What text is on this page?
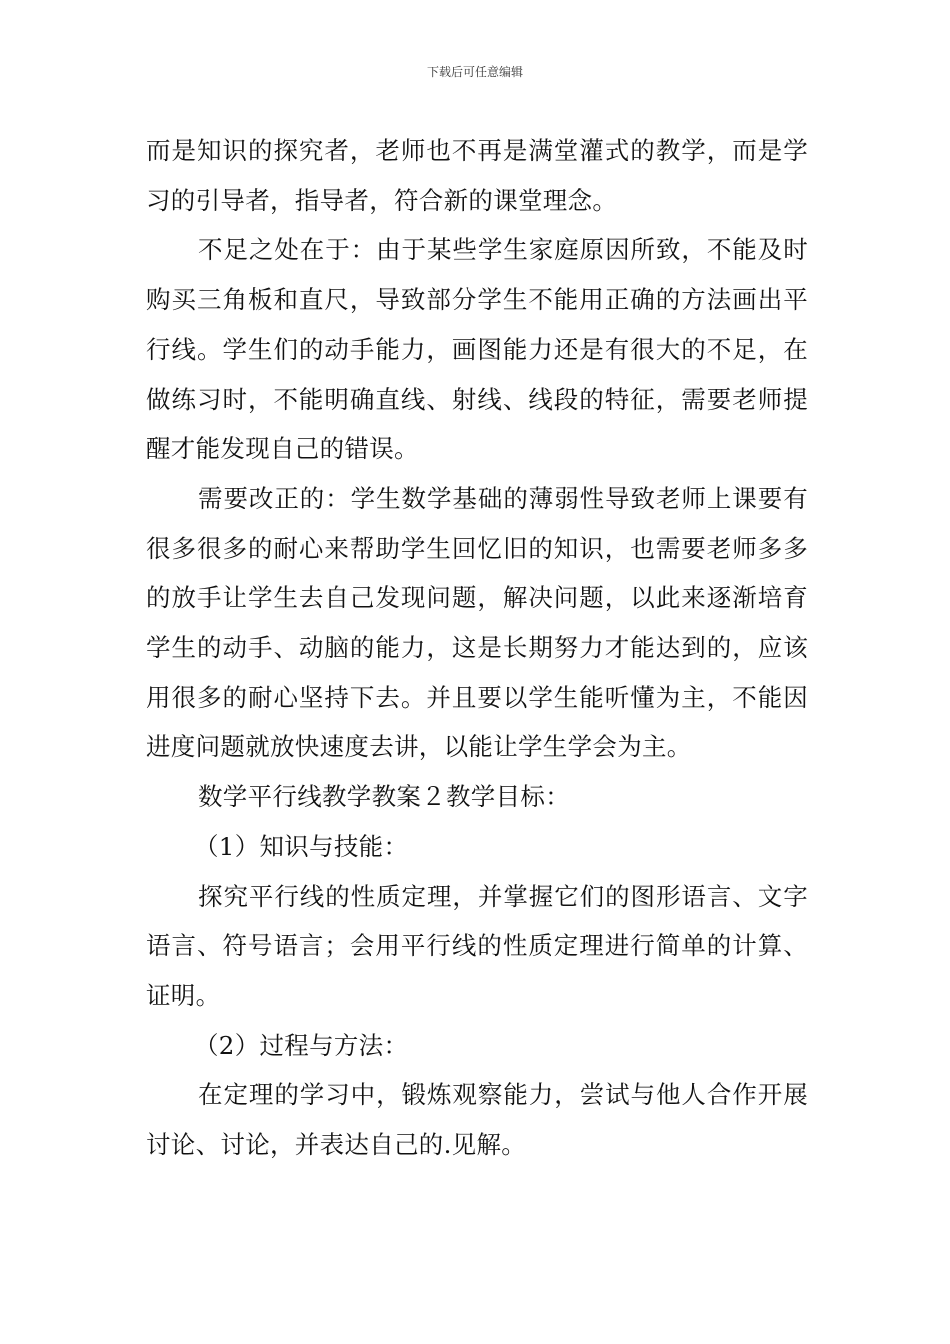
下载后可任意编辑

而是知识的探究者，老师也不再是满堂灌式的教学，而是学习的引导者，指导者，符合新的课堂理念。

不足之处在于：由于某些学生家庭原因所致，不能及时购买三角板和直尺，导致部分学生不能用正确的方法画出平行线。学生们的动手能力，画图能力还是有很大的不足，在做练习时，不能明确直线、射线、线段的特征，需要老师提醒才能发现自己的错误。

需要改正的：学生数学基础的薄弱性导致老师上课要有很多很多的耐心来帮助学生回忆旧的知识，也需要老师多多的放手让学生去自己发现问题，解决问题，以此来逐渐培育学生的动手、动脑的能力，这是长期努力才能达到的，应该用很多的耐心坚持下去。并且要以学生能听懂为主，不能因进度问题就放快速度去讲，以能让学生学会为主。

数学平行线教学教案２教学目标：

（1）知识与技能：

探究平行线的性质定理，并掌握它们的图形语言、文字语言、符号语言；会用平行线的性质定理进行简单的计算、证明。

（2）过程与方法：

在定理的学习中，锻炼观察能力，尝试与他人合作开展讨论、讨论，并表达自己的.见解。
